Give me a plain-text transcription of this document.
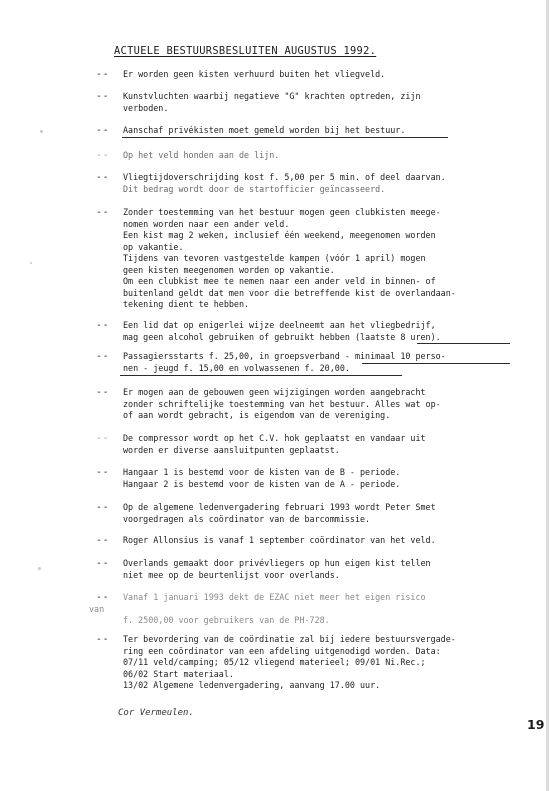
ACTUELE BESTUURSBESLUITEN AUGUSTUS 1992.
-- Er worden geen kisten verhuurd buiten het vliegveld.
-- Kunstvluchten waarbij negatieve "G" krachten optreden, zijn
verboden.
-- Aanschaf privékisten moet gemeld worden bij het bestuur.
-- Op het veld honden aan de lijn.
-- Vliegtijdoverschrijding kost f. 5,00 per 5 min. of deel daarvan.
Dit bedrag wordt door de startofficier geïncasseerd.
-- Zonder toestemming van het bestuur mogen geen clubkisten meege-
nomen worden naar een ander veld.
Een kist mag 2 weken, inclusief één weekend, meegenomen worden
op vakantie.
Tijdens van tevoren vastgestelde kampen (vóór 1 april) mogen
geen kisten meegenomen worden op vakantie.
Om een clubkist mee te nemen naar een ander veld in binnen- of
buitenland geldt dat men voor die betreffende kist de overlandaan-
tekening dient te hebben.
-- Een lid dat op enigerlei wijze deelneemt aan het vliegbedrijf,
mag geen alcohol gebruiken of gebruikt hebben (laatste 8 uren).
-- Passagiersstarts f. 25,00, in groepsverband - minimaal 10 perso-
nen - jeugd f. 15,00 en volwassenen f. 20,00.
-- Er mogen aan de gebouwen geen wijzigingen worden aangebracht
zonder schriftelijke toestemming van het bestuur. Alles wat op-
of aan wordt gebracht, is eigendom van de vereniging.
-- De compressor wordt op het C.V. hok geplaatst en vandaar uit
worden er diverse aansluitpunten geplaatst.
-- Hangaar 1 is bestemd voor de kisten van de B - periode.
Hangaar 2 is bestemd voor de kisten van de A - periode.
-- Op de algemene ledenvergadering februari 1993 wordt Peter Smet
voorgedragen als coördinator van de barcommissie.
-- Roger Allonsius is vanaf 1 september coördinator van het veld.
-- Overlands gemaakt door privévliegers op hun eigen kist tellen
niet mee op de beurtenlijst voor overlands.
-- Vanaf 1 januari 1993 dekt de EZAC niet meer het eigen risico
van
f. 2500,00 voor gebruikers van de PH-728.
-- Ter bevordering van de coördinatie zal bij iedere bestuursvergade-
ring een coördinator van een afdeling uitgenodigd worden. Data:
07/11 veld/camping; 05/12 vliegend materieel; 09/01 Ni.Rec.;
06/02 Start materiaal.
13/02 Algemene ledenvergadering, aanvang 17.00 uur.
Cor Vermeulen.
19
